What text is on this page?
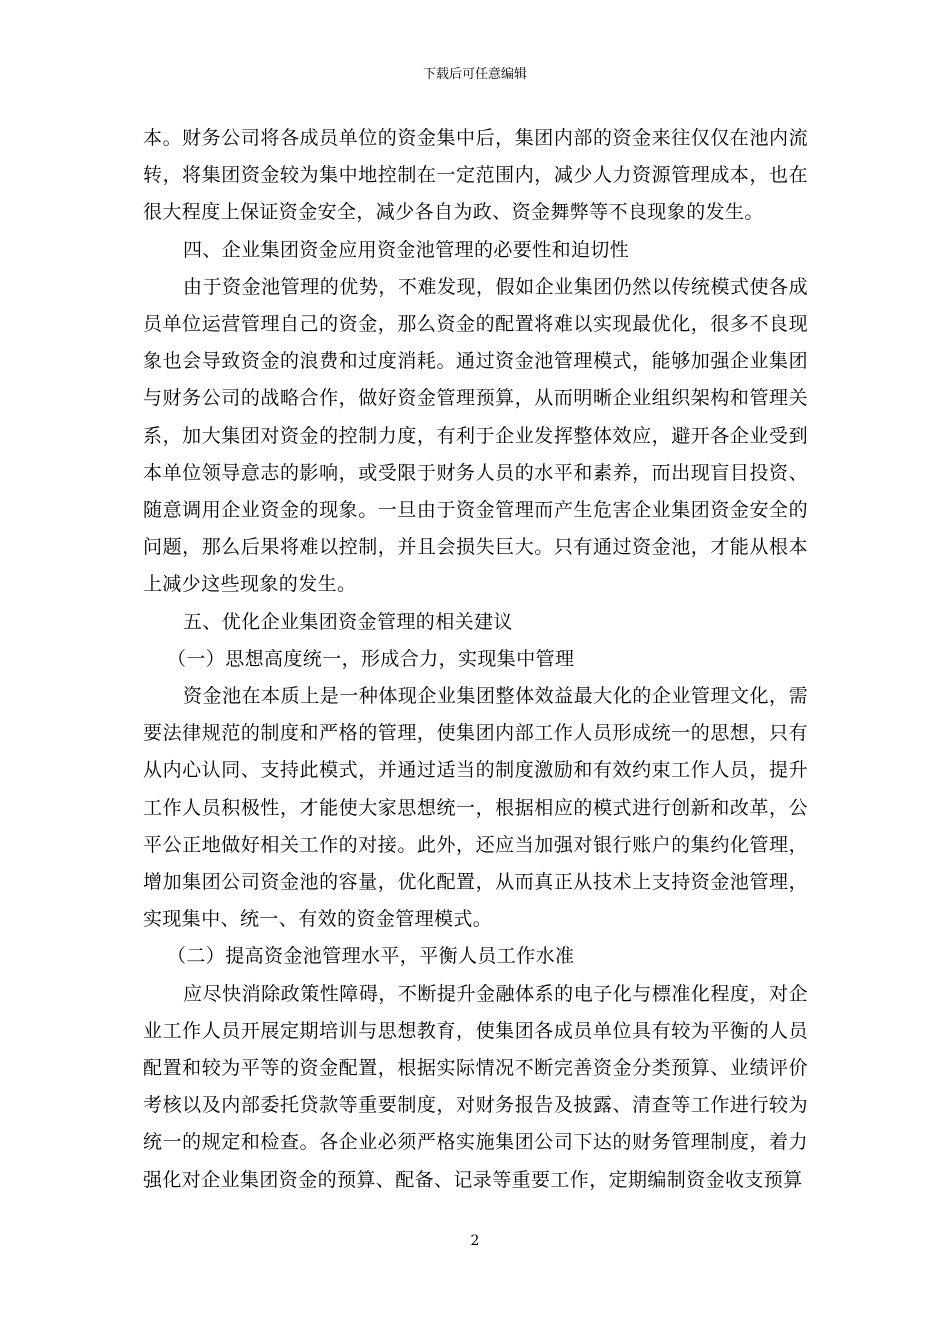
下载后可任意编辑

本。财务公司将各成员单位的资金集中后，集团内部的资金来往仅仅在池内流转，将集团资金较为集中地控制在一定范围内，减少人力资源管理成本，也在很大程度上保证资金安全，减少各自为政、资金舞弊等不良现象的发生。

四、企业集团资金应用资金池管理的必要性和迫切性

由于资金池管理的优势，不难发现，假如企业集团仍然以传统模式使各成员单位运营管理自己的资金，那么资金的配置将难以实现最优化，很多不良现象也会导致资金的浪费和过度消耗。通过资金池管理模式，能够加强企业集团与财务公司的战略合作，做好资金管理预算，从而明晰企业组织架构和管理关系，加大集团对资金的控制力度，有利于企业发挥整体效应，避开各企业受到本单位领导意志的影响，或受限于财务人员的水平和素养，而出现盲目投资、随意调用企业资金的现象。一旦由于资金管理而产生危害企业集团资金安全的问题，那么后果将难以控制，并且会损失巨大。只有通过资金池，才能从根本上减少这些现象的发生。

五、优化企业集团资金管理的相关建议

（一）思想高度统一，形成合力，实现集中管理

资金池在本质上是一种体现企业集团整体效益最大化的企业管理文化，需要法律规范的制度和严格的管理，使集团内部工作人员形成统一的思想，只有从内心认同、支持此模式，并通过适当的制度激励和有效约束工作人员，提升工作人员积极性，才能使大家思想统一，根据相应的模式进行创新和改革，公平公正地做好相关工作的对接。此外，还应当加强对银行账户的集约化管理，增加集团公司资金池的容量，优化配置，从而真正从技术上支持资金池管理，实现集中、统一、有效的资金管理模式。

（二）提高资金池管理水平，平衡人员工作水准

应尽快消除政策性障碍，不断提升金融体系的电子化与標准化程度，对企业工作人员开展定期培训与思想教育，使集团各成员单位具有较为平衡的人员配置和较为平等的资金配置，根据实际情况不断完善资金分类预算、业绩评价考核以及内部委托贷款等重要制度，对财务报告及披露、清查等工作进行较为统一的规定和检查。各企业必须严格实施集团公司下达的财务管理制度，着力强化对企业集团资金的预算、配备、记录等重要工作，定期编制资金收支预算

2
